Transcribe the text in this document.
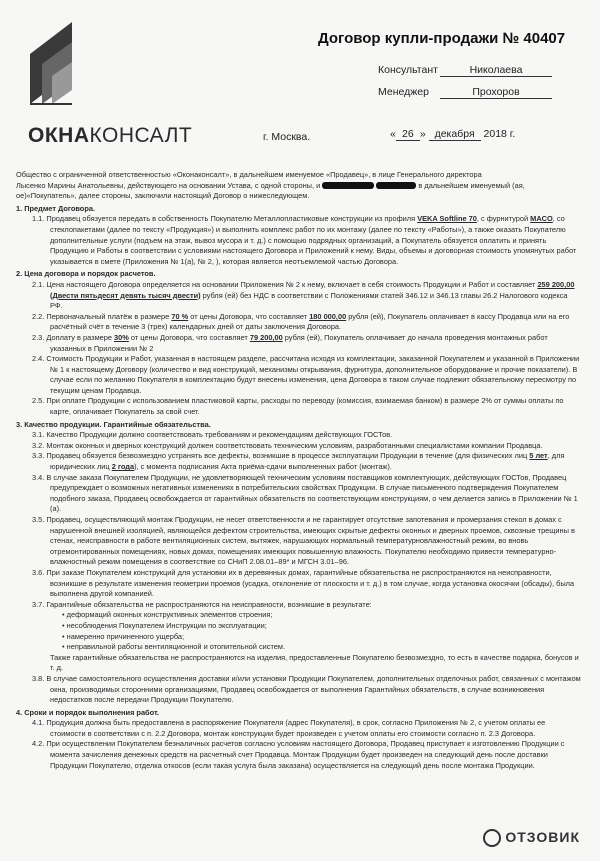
ОКНАКОНСАЛТ
Договор купли-продажи № 40407
Консультант	Николаева
Менеджер	Прохоров
г. Москва.	« 26 » декабря 2018 г.

Общество с ограниченной ответственностью «Оконаконсалт», в дальнейшем именуемое «Продавец», в лице Генерального директора

Лысенко Марины Анатольевны, действующего на основании Устава, с одной стороны, и	в дальнейшем именуемый (ая,

ое)«Покупатель», далее стороны, заключили настоящий Договор о нижеследующем.

1. Предмет Договора.

1.1. Продавец обязуется передать в собственность Покупателю Металлопластиковые конструкции из профиля VEKA Softline 70, с фурнитурой MACO, со стеклопакетами (далее по тексту «Продукция») и выполнить комплекс работ по их монтажу (далее по тексту «Работы»), а также оказать Покупателю дополнительные услуги (подъем на этаж, вывоз мусора и т. д.) с помощью подрядных организаций, а Покупатель обязуется оплатить и принять Продукцию и Работы в соответствии с условиями настоящего Договора и Приложений к нему. Виды, объемы и договорная стоимость упомянутых работ указывается в смете (Приложения № 1(а), № 2, ), которая является неотъемлемой частью Договора.

2. Цена договора и порядок расчетов.

2.1. Цена настоящего Договора определяется на основании Приложения № 2 к нему, включает в себя стоимость Продукции и Работ и составляет 259 200,00 (Двести пятьдесят девять тысяч двести) рубля (ей) без НДС в соответствии с Положениями статей 346.12 и 346.13 главы 26.2 Налогового кодекса РФ.

2.2. Первоначальный платёж в размере 70 % от цены Договора, что составляет 180 000,00 рубля (ей), Покупатель оплачивает в кассу Продавца или на его расчётный счёт в течение 3 (трех) календарных дней от даты заключения Договора.

2.3. Доплату в размере 30% от цены Договора, что составляет 79 200,00 рубля (ей), Покупатель оплачивает до начала проведения монтажных работ указанных в Приложении № 2

2.4. Стоимость Продукции и Работ, указанная в настоящем разделе, рассчитана исходя из комплектации, заказанной Покупателем и указанной в Приложении № 1 к настоящему Договору (количество и вид конструкций, механизмы открывания, фурнитура, дополнительное оборудование и прочие показатели). В случае если по желанию Покупателя в комплектацию будут внесены изменения, цена Договора в таком случае подлежит обязательному пересмотру по текущим ценам Продавца.

2.5. При оплате Продукции с использованием пластиковой карты, расходы по переводу (комиссия, взимаемая банком) в размере 2% от суммы оплаты по карте, оплачивает Покупатель за свой счет.

3. Качество продукции. Гарантийные обязательства.

3.1. Качество Продукции должно соответствовать требованиям и рекомендациям действующих ГОСТов.

3.2. Монтаж оконных и дверных конструкций должен соответствовать техническим условиям, разработанными специалистами компании Продавца.

3.3. Продавец обязуется безвозмездно устранять все дефекты, возникшие в процессе эксплуатации Продукции в течение (для физических лиц 5 лет, для юридических лиц 2 года), с момента подписания Акта приёма-сдачи выполненных работ (монтаж).

3.4. В случае заказа Покупателем Продукции, не удовлетворяющей техническим условиям поставщиков комплектующих, действующих ГОСТов, Продавец предупреждает о возможных негативных изменениях в потребительских свойствах Продукции. В случае письменного подтверждения Покупателем подобного заказа, Продавец освобождается от гарантийных обязательств по соответствующим конструкциям, о чем делается запись в Приложении № 1 (а).

3.5. Продавец, осуществляющий монтаж Продукции, не несет ответственности и не гарантирует отсутствие запотевания и промерзания стекол в домах с нарушенной внешней изоляцией, являющейся дефектом строительства, имеющих скрытые дефекты оконных и дверных проемов, сквозные трещины в стенах, неисправности в работе вентиляционных систем, вытяжек, нарушающих нормальный температурновлажностный режим, во вновь отремонтированных помещениях, новых домах, помещениях имеющих повышенную влажность. Покупателю необходимо привести температурно-влажностный режим помещения в соответствие со СНиП 2.08.01–89* и МГСН 3.01–96.

3.6. При заказе Покупателем конструкций для установки их в деревянных домах, гарантийные обязательства не распространяются на неисправности, возникшие в результате изменения геометрии проемов (усадка, отклонение от плоскости и т. д.) в том случае, когда установка окосячки (обсады), была выполнена другой компанией.

3.7. Гарантийные обязательства не распространяются на неисправности, возникшие в результате:

• деформаций оконных конструктивных элементов строения;

• несоблюдения Покупателем Инструкции по эксплуатации;

• намеренно причиненного ущерба;

• неправильной работы вентиляционной и отопительной систем.

Также гарантийные обязательства не распространяются на изделия, предоставленные Покупателю безвозмездно, то есть в качестве подарка, бонусов и т. д.

3.8. В случае самостоятельного осуществления доставки и/или установки Продукции Покупателем, дополнительных отделочных работ, связанных с монтажом окна, производимых сторонними организациями, Продавец освобождается от выполнения Гарантийных обязательств, в случае возникновения недостатков после передачи Продукции Покупателю.

4. Сроки и порядок выполнения работ.

4.1. Продукция должна быть предоставлена в распоряжение Покупателя (адрес Покупателя), в срок, согласно Приложения № 2, с учетом оплаты ее стоимости в соответствии с п. 2.2 Договора, монтаж конструкции будет произведен с учетом оплаты его стоимости согласно п. 2.3 Договора.

4.2. При осуществлении Покупателем безналичных расчетов согласно условиям настоящего Договора, Продавец приступает к изготовлению Продукции с момента зачисления денежных средств на расчетный счет Продавца. Монтаж Продукции будет произведен на следующий день после доставки Продукции Покупателю, отделка откосов (если такая услуга была заказана) осуществляется на следующий день после монтажа Продукции.

ОТЗОВИК
